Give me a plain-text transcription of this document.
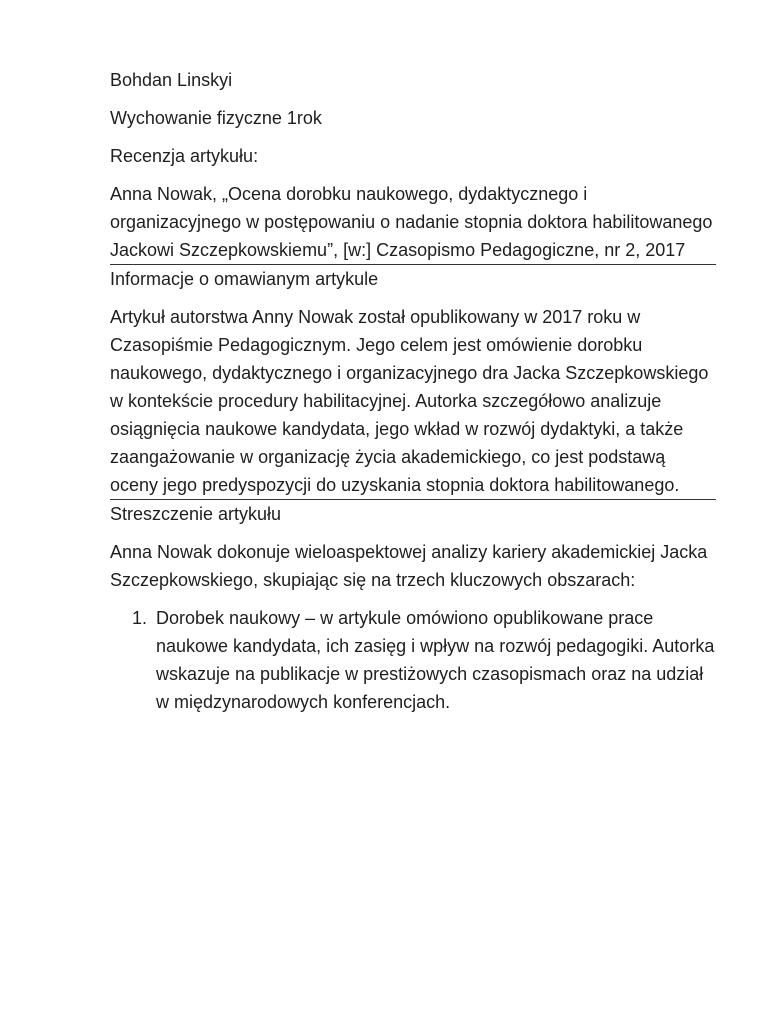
Bohdan Linskyi

Wychowanie fizyczne 1rok

Recenzja artykułu:

Anna Nowak, „Ocena dorobku naukowego, dydaktycznego i organizacyjnego w postępowaniu o nadanie stopnia doktora habilitowanego Jackowi Szczepkowskiemu”, [w:] Czasopismo Pedagogiczne, nr 2, 2017

Informacje o omawianym artykule

Artykuł autorstwa Anny Nowak został opublikowany w 2017 roku w Czasopiśmie Pedagogicznym. Jego celem jest omówienie dorobku naukowego, dydaktycznego i organizacyjnego dra Jacka Szczepkowskiego w kontekście procedury habilitacyjnej. Autorka szczegółowo analizuje osiągnięcia naukowe kandydata, jego wkład w rozwój dydaktyki, a także zaangażowanie w organizację życia akademickiego, co jest podstawą oceny jego predyspozycji do uzyskania stopnia doktora habilitowanego.

Streszczenie artykułu

Anna Nowak dokonuje wieloaspektowej analizy kariery akademickiej Jacka Szczepkowskiego, skupiając się na trzech kluczowych obszarach:

1. Dorobek naukowy – w artykule omówiono opublikowane prace naukowe kandydata, ich zasięg i wpływ na rozwój pedagogiki. Autorka wskazuje na publikacje w prestiżowych czasopismach oraz na udział w międzynarodowych konferencjach.
